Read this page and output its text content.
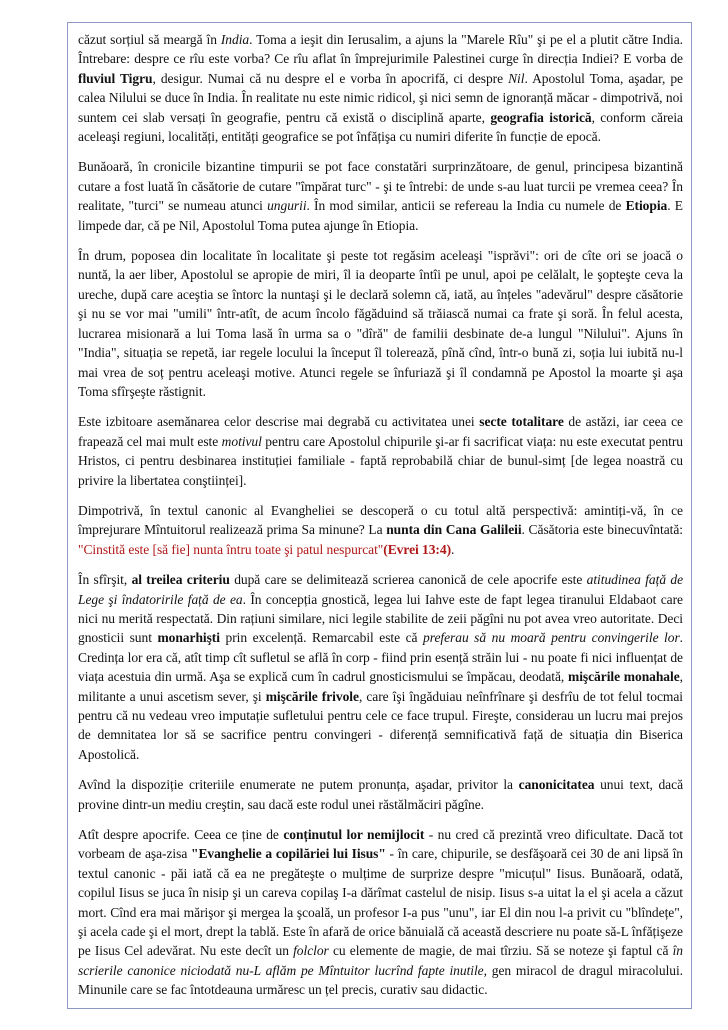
căzut sorțiul să meargă în India. Toma a ieşit din Ierusalim, a ajuns la "Marele Rîu" şi pe el a plutit către India. Întrebare: despre ce rîu este vorba? Ce rîu aflat în împrejurimile Palestinei curge în direcția Indiei? E vorba de fluviul Tigru, desigur. Numai că nu despre el e vorba în apocrifă, ci despre Nil. Apostolul Toma, aşadar, pe calea Nilului se duce în India. În realitate nu este nimic ridicol, şi nici semn de ignoranță măcar - dimpotrivă, noi suntem cei slab versați în geografie, pentru că există o disciplină aparte, geografia istorică, conform căreia aceleaşi regiuni, localități, entități geografice se pot înfățişa cu numiri diferite în funcție de epocă.

Bunăoară, în cronicile bizantine timpurii se pot face constatări surprinzătoare, de genul, principesa bizantină cutare a fost luată în căsătorie de cutare "împărat turc" - şi te întrebi: de unde s-au luat turcii pe vremea ceea? În realitate, "turci" se numeau atunci ungurii. În mod similar, anticii se refereau la India cu numele de Etiopia. E limpede dar, că pe Nil, Apostolul Toma putea ajunge în Etiopia.

În drum, poposea din localitate în localitate şi peste tot regăsim aceleaşi "isprăvi": ori de cîte ori se joacă o nuntă, la aer liber, Apostolul se apropie de miri, îl ia deoparte întîi pe unul, apoi pe celălalt, le şopteşte ceva la ureche, după care aceştia se întorc la nuntaşi şi le declară solemn că, iată, au înțeles "adevărul" despre căsătorie şi nu se vor mai "umili" într-atît, de acum încolo făgăduind să trăiască numai ca frate şi soră. În felul acesta, lucrarea misionară a lui Toma lasă în urma sa o "dîră" de familii desbinate de-a lungul "Nilului". Ajuns în "India", situația se repetă, iar regele locului la început îl tolerează, pînă cînd, într-o bună zi, soția lui iubită nu-l mai vrea de soț pentru aceleaşi motive. Atunci regele se înfuriază şi îl condamnă pe Apostol la moarte şi aşa Toma sfîrşeşte răstignit.

Este izbitoare asemănarea celor descrise mai degrabă cu activitatea unei secte totalitare de astăzi, iar ceea ce frapează cel mai mult este motivul pentru care Apostolul chipurile şi-ar fi sacrificat viața: nu este executat pentru Hristos, ci pentru desbinarea instituției familiale - faptă reprobabilă chiar de bunul-simț [de legea noastră cu privire la libertatea conştiinței].

Dimpotrivă, în textul canonic al Evangheliei se descoperă o cu totul altă perspectivă: amintiți-vă, în ce împrejurare Mîntuitorul realizează prima Sa minune? La nunta din Cana Galileii. Căsătoria este binecuvîntată: "Cinstită este [să fie] nunta întru toate şi patul nespurcat"(Evrei 13:4).

În sfîrşit, al treilea criteriu după care se delimitează scrierea canonică de cele apocrife este atitudinea față de Lege şi îndatoririle față de ea. În concepția gnostică, legea lui Iahve este de fapt legea tiranului Eldabaot care nici nu merită respectată. Din rațiuni similare, nici legile stabilite de zeii păgîni nu pot avea vreo autoritate. Deci gnosticii sunt monarhişti prin excelență. Remarcabil este că preferau să nu moară pentru convingerile lor. Credința lor era că, atît timp cît sufletul se află în corp - fiind prin esență străin lui - nu poate fi nici influențat de viața acestuia din urmă. Aşa se explică cum în cadrul gnosticismului se împăcau, deodată, mişcările monahale, militante a unui ascetism sever, şi mişcările frivole, care îşi îngăduiau neînfrînare şi desfrîu de tot felul tocmai pentru că nu vedeau vreo imputație sufletului pentru cele ce face trupul. Fireşte, considerau un lucru mai prejos de demnitatea lor să se sacrifice pentru convingeri - diferență semnificativă față de situația din Biserica Apostolică.

Avînd la dispoziție criteriile enumerate ne putem pronunța, aşadar, privitor la canonicitatea unui text, dacă provine dintr-un mediu creştin, sau dacă este rodul unei răstălmăciri păgîne.

Atît despre apocrife. Ceea ce ține de conținutul lor nemijlocit - nu cred că prezintă vreo dificultate. Dacă tot vorbeam de aşa-zisa "Evanghelie a copilăriei lui Iisus" - în care, chipurile, se desfăşoară cei 30 de ani lipsă în textul canonic - păi iată că ea ne pregăteşte o mulțime de surprize despre "micuțul" Iisus. Bunăoară, odată, copilul Iisus se juca în nisip şi un careva copilaş I-a dărîmat castelul de nisip. Iisus s-a uitat la el şi acela a căzut mort. Cînd era mai mărişor şi mergea la şcoală, un profesor I-a pus "unu", iar El din nou l-a privit cu "blîndețe", şi acela cade şi el mort, drept la tablă. Este în afară de orice bănuială că această descriere nu poate să-L înfățişeze pe Iisus Cel adevărat. Nu este decît un folclor cu elemente de magie, de mai tîrziu. Să se noteze şi faptul că în scrierile canonice niciodată nu-L aflăm pe Mîntuitor lucrînd fapte inutile, gen miracol de dragul miracolului. Minunile care se fac întotdeauna urmăresc un țel precis, curativ sau didactic.
